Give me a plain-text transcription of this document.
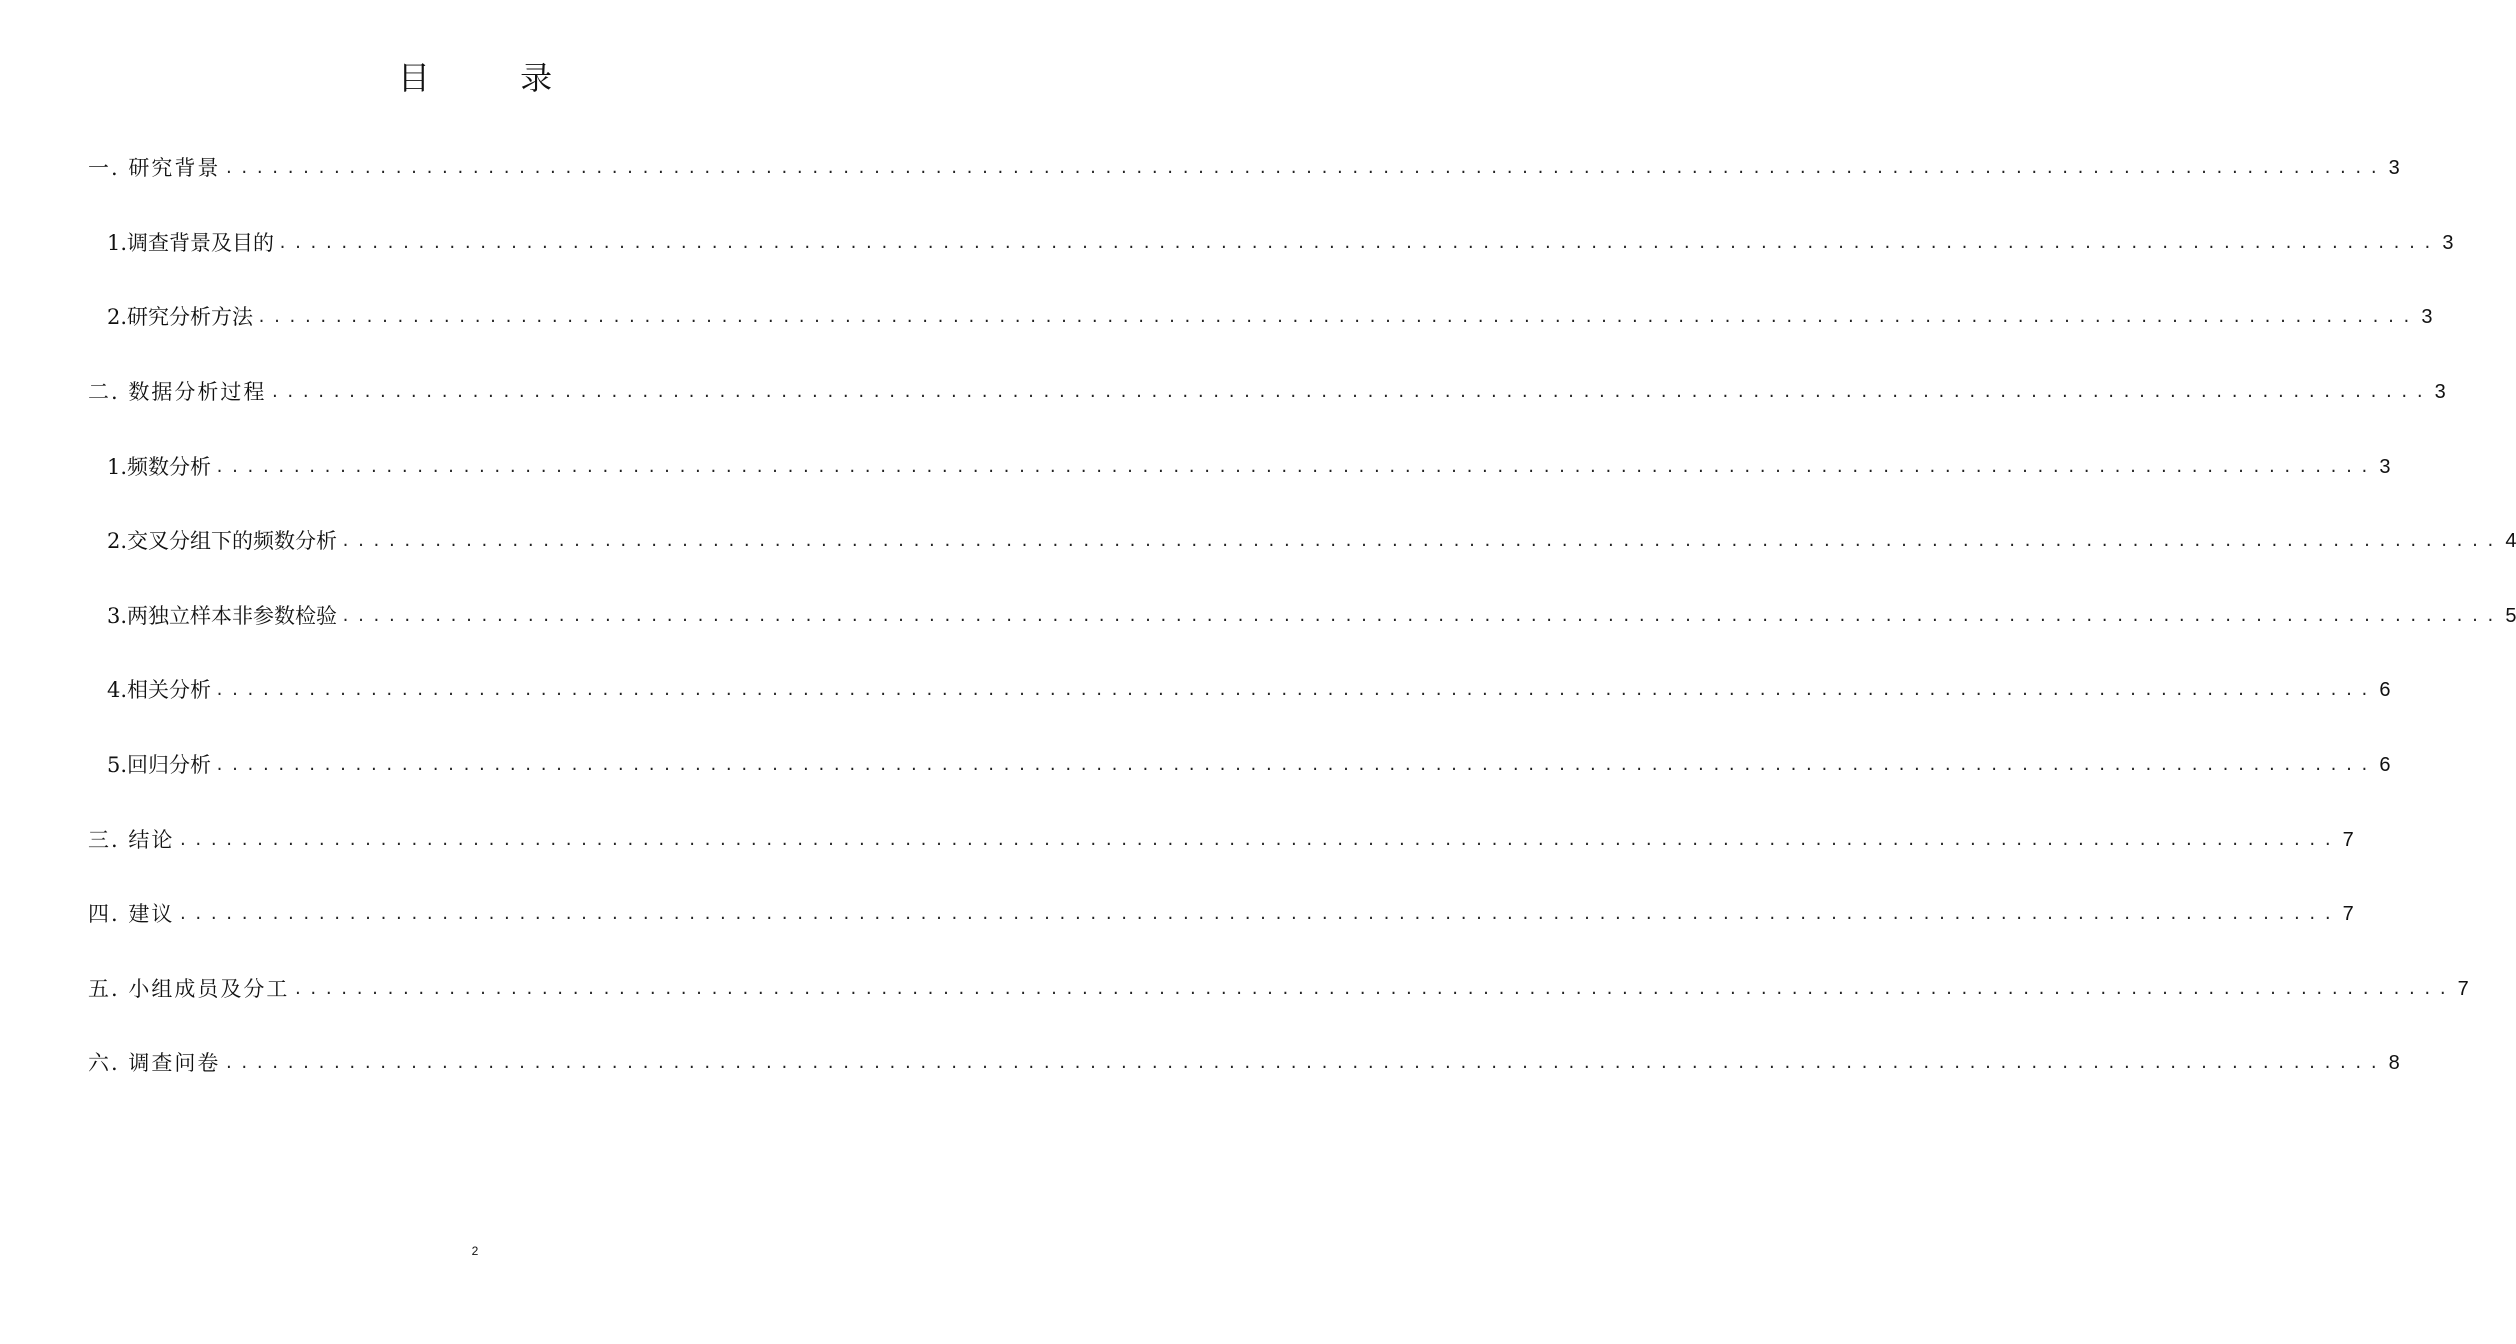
目 录
一. 研究背景 ............................................................................................................................................ 3
1.调查背景及目的 ............................................................................................................................................ 3
2.研究分析方法 ............................................................................................................................................ 3
二. 数据分析过程 ............................................................................................................................................ 3
1.频数分析 ............................................................................................................................................ 3
2.交叉分组下的频数分析 ............................................................................................................................................ 4
3.两独立样本非参数检验 ............................................................................................................................................ 5
4.相关分析 ............................................................................................................................................ 6
5.回归分析 ............................................................................................................................................ 6
三. 结论 ............................................................................................................................................ 7
四. 建议 ............................................................................................................................................ 7
五. 小组成员及分工 ............................................................................................................................................ 7
六. 调查问卷 ............................................................................................................................................ 8
2
